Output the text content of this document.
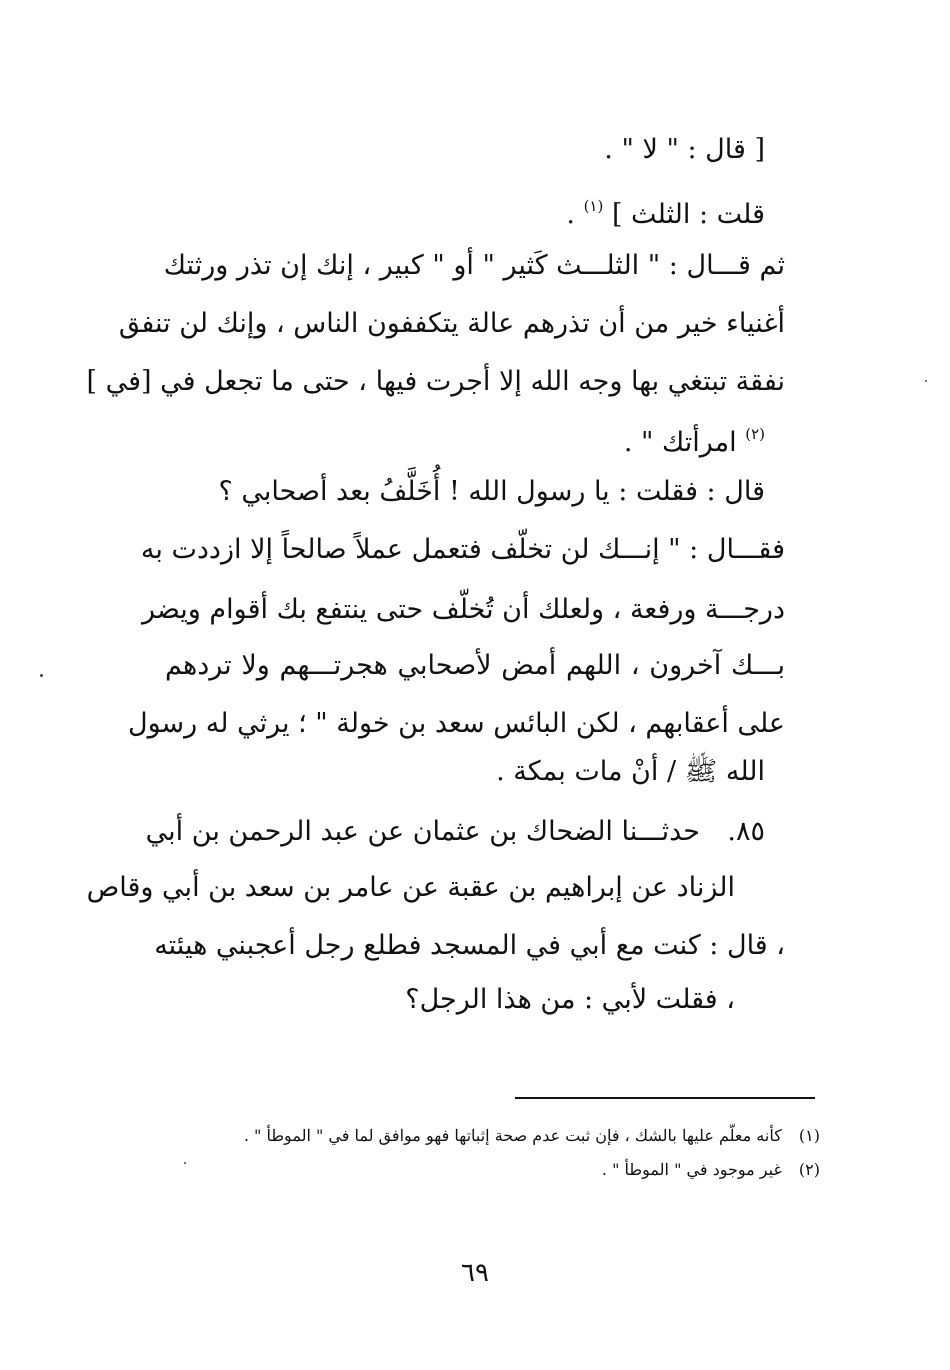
[ قال : " لا " .
قلت : الثلث ] $^{(١)}$ .
ثم قـــال : " الثلـــث كَثير " أو " كبير ، إنك إن تذر ورثتك
أغنياء خير من أن تذرهم عالة يتكففون الناس ، وإنك لن تنفق
نفقة تبتغي بها وجه الله إلا أجرت فيها ، حتى ما تجعل في [في ]
$^{(٢)}$ امرأتك " .
قال : فقلت : يا رسول الله ! أُخَلَّفُ بعد أصحابي ؟
فقـــال : " إنـــك لن تخلّف فتعمل عملاً صالحاً إلا ازددت به
درجـــة ورفعة ، ولعلك أن تُخلّف حتى ينتفع بك أقوام ويضر
بـــك آخرون ، اللهم أمض لأصحابي هجرتـــهم ولا تردهم
على أعقابهم ، لكن البائس سعد بن خولة " ؛ يرثي له رسول
الله ﷺ / أنْ مات بمكة .
٨٥.
حدثـــنا الضحاك بن عثمان عن عبد الرحمن بن أبي
الزناد عن إبراهيم بن عقبة عن عامر بن سعد بن أبي وقاص
، قال : كنت مع أبي في المسجد فطلع رجل أعجبني هيئته
، فقلت لأبي : من هذا الرجل؟
(١) كأنه معلّم عليها بالشك ، فإن ثبت عدم صحة إثباتها فهو موافق لما في " الموطأ " .
(٢) غير موجود في " الموطأ " .
٦٩
